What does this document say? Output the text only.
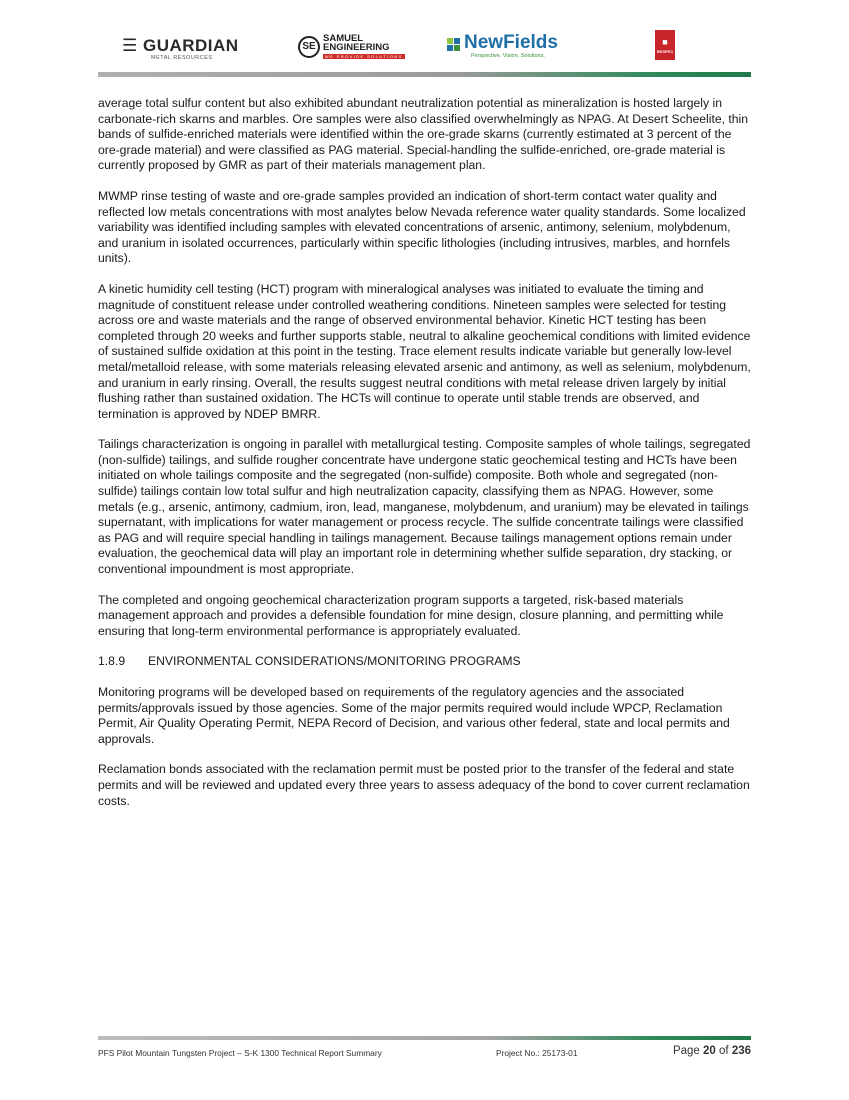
☰ GUARDIAN
METAL RESOURCES
SE
SAMUEL
ENGINEERING
WE PROVIDE SOLUTIONS
NewFields
Perspective. Vision. Solutions.
■
RESPEC

average total sulfur content but also exhibited abundant neutralization potential as mineralization is hosted largely in carbonate-rich skarns and marbles. Ore samples were also classified overwhelmingly as NPAG. At Desert Scheelite, thin bands of sulfide-enriched materials were identified within the ore-grade skarns (currently estimated at 3 percent of the ore-grade material) and were classified as PAG material. Special-handling the sulfide-enriched, ore-grade material is currently proposed by GMR as part of their materials management plan.

MWMP rinse testing of waste and ore-grade samples provided an indication of short-term contact water quality and reflected low metals concentrations with most analytes below Nevada reference water quality standards. Some localized variability was identified including samples with elevated concentrations of arsenic, antimony, selenium, molybdenum, and uranium in isolated occurrences, particularly within specific lithologies (including intrusives, marbles, and hornfels units).

A kinetic humidity cell testing (HCT) program with mineralogical analyses was initiated to evaluate the timing and magnitude of constituent release under controlled weathering conditions. Nineteen samples were selected for testing across ore and waste materials and the range of observed environmental behavior. Kinetic HCT testing has been completed through 20 weeks and further supports stable, neutral to alkaline geochemical conditions with limited evidence of sustained sulfide oxidation at this point in the testing. Trace element results indicate variable but generally low-level metal/metalloid release, with some materials releasing elevated arsenic and antimony, as well as selenium, molybdenum, and uranium in early rinsing. Overall, the results suggest neutral conditions with metal release driven largely by initial flushing rather than sustained oxidation. The HCTs will continue to operate until stable trends are observed, and termination is approved by NDEP BMRR.

Tailings characterization is ongoing in parallel with metallurgical testing. Composite samples of whole tailings, segregated (non-sulfide) tailings, and sulfide rougher concentrate have undergone static geochemical testing and HCTs have been initiated on whole tailings composite and the segregated (non-sulfide) composite. Both whole and segregated (non-sulfide) tailings contain low total sulfur and high neutralization capacity, classifying them as NPAG. However, some metals (e.g., arsenic, antimony, cadmium, iron, lead, manganese, molybdenum, and uranium) may be elevated in tailings supernatant, with implications for water management or process recycle. The sulfide concentrate tailings were classified as PAG and will require special handling in tailings management. Because tailings management options remain under evaluation, the geochemical data will play an important role in determining whether sulfide separation, dry stacking, or conventional impoundment is most appropriate.

The completed and ongoing geochemical characterization program supports a targeted, risk-based materials management approach and provides a defensible foundation for mine design, closure planning, and permitting while ensuring that long-term environmental performance is appropriately evaluated.

1.8.9	ENVIRONMENTAL CONSIDERATIONS/MONITORING PROGRAMS

Monitoring programs will be developed based on requirements of the regulatory agencies and the associated permits/approvals issued by those agencies. Some of the major permits required would include WPCP, Reclamation Permit, Air Quality Operating Permit, NEPA Record of Decision, and various other federal, state and local permits and approvals.

Reclamation bonds associated with the reclamation permit must be posted prior to the transfer of the federal and state permits and will be reviewed and updated every three years to assess adequacy of the bond to cover current reclamation costs.

PFS Pilot Mountain Tungsten Project – S-K 1300 Technical Report Summary	Project No.: 25173-01	Page 20 of 236
